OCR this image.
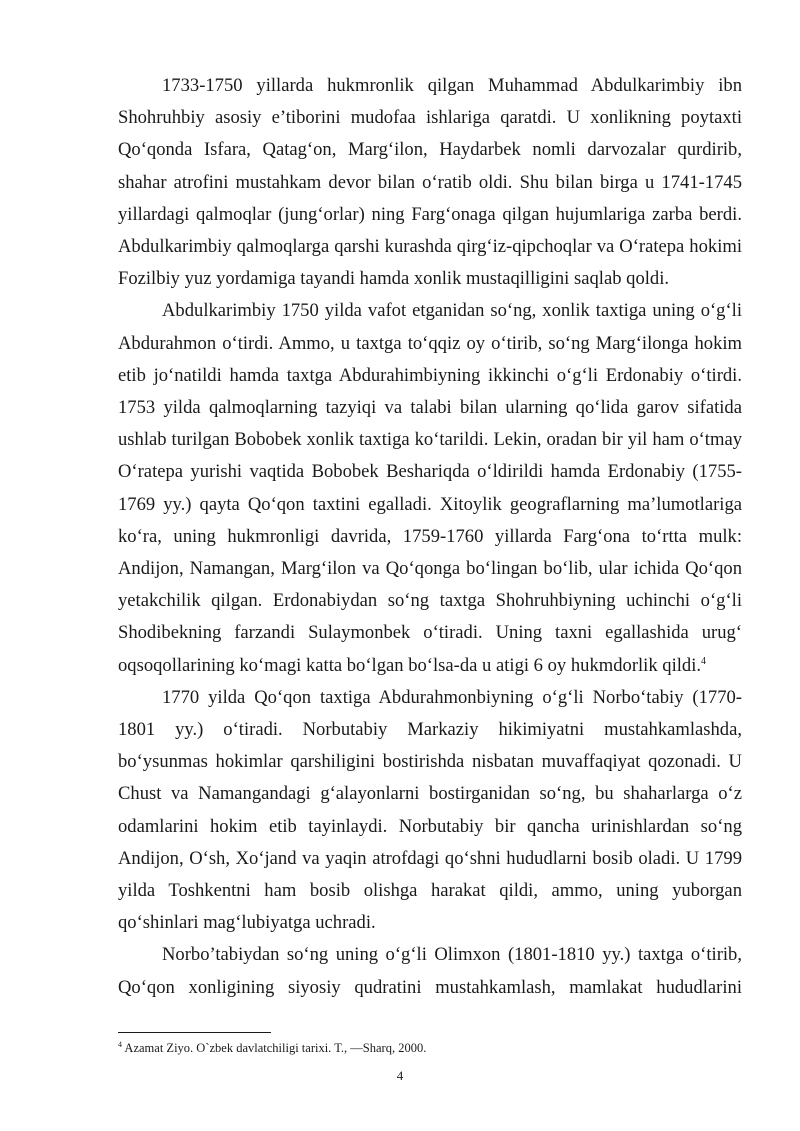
1733-1750 yillarda hukmronlik qilgan Muhammad Abdulkarimbiy ibn Shohruhbiy asosiy e’tiborini mudofaa ishlariga qaratdi. U xonlikning poytaxti Qo‘qonda Isfara, Qatag‘on, Marg‘ilon, Haydarbek nomli darvozalar qurdirib, shahar atrofini mustahkam devor bilan o‘ratib oldi. Shu bilan birga u 1741-1745 yillardagi qalmoqlar (jung‘orlar) ning Farg‘onaga qilgan hujumlariga zarba berdi. Abdulkarimbiy qalmoqlarga qarshi kurashda qirg‘iz-qipchoqlar va O‘ratepa hokimi Fozilbiy yuz yordamiga tayandi hamda xonlik mustaqilligini saqlab qoldi.

Abdulkarimbiy 1750 yilda vafot etganidan so‘ng, xonlik taxtiga uning o‘g‘li Abdurahmon o‘tirdi. Ammo, u taxtga to‘qqiz oy o‘tirib, so‘ng Marg‘ilonga hokim etib jo‘natildi hamda taxtga Abdurahimbiyning ikkinchi o‘g‘li Erdonabiy o‘tirdi. 1753 yilda qalmoqlarning tazyiqi va talabi bilan ularning qo‘lida garov sifatida ushlab turilgan Bobobek xonlik taxtiga ko‘tarildi. Lekin, oradan bir yil ham o‘tmay O‘ratepa yurishi vaqtida Bobobek Beshariqda o‘ldirildi hamda Erdonabiy (1755-1769 yy.) qayta Qo‘qon taxtini egalladi. Xitoylik geograflarning ma’lumotlariga ko‘ra, uning hukmronligi davrida, 1759-1760 yillarda Farg‘ona to‘rtta mulk: Andijon, Namangan, Marg‘ilon va Qo‘qonga bo‘lingan bo‘lib, ular ichida Qo‘qon yetakchilik qilgan. Erdonabiydan so‘ng taxtga Shohruhbiyning uchinchi o‘g‘li Shodibekning farzandi Sulaymonbek o‘tiradi. Uning taxni egallashida urug‘ oqsoqollarining ko‘magi katta bo‘lgan bo‘lsa-da u atigi 6 oy hukmdorlik qildi.$^4$

1770 yilda Qo‘qon taxtiga Abdurahmonbiyning o‘g‘li Norbo‘tabiy (1770-1801 yy.) o‘tiradi. Norbutabiy Markaziy hikimiyatni mustahkamlashda, bo‘ysunmas hokimlar qarshiligini bostirishda nisbatan muvaffaqiyat qozonadi. U Chust va Namangandagi g‘alayonlarni bostirganidan so‘ng, bu shaharlarga o‘z odamlarini hokim etib tayinlaydi. Norbutabiy bir qancha urinishlardan so‘ng Andijon, O‘sh, Xo‘jand va yaqin atrofdagi qo‘shni hududlarni bosib oladi. U 1799 yilda Toshkentni ham bosib olishga harakat qildi, ammo, uning yuborgan qo‘shinlari mag‘lubiyatga uchradi.

Norbo’tabiydan so‘ng uning o‘g‘li Olimxon (1801-1810 yy.) taxtga o‘tirib, Qo‘qon xonligining siyosiy qudratini mustahkamlash, mamlakat hududlarini

$^4$ Azamat Ziyo. O`zbek davlatchiligi tarixi. T., —Sharq, 2000.
4
